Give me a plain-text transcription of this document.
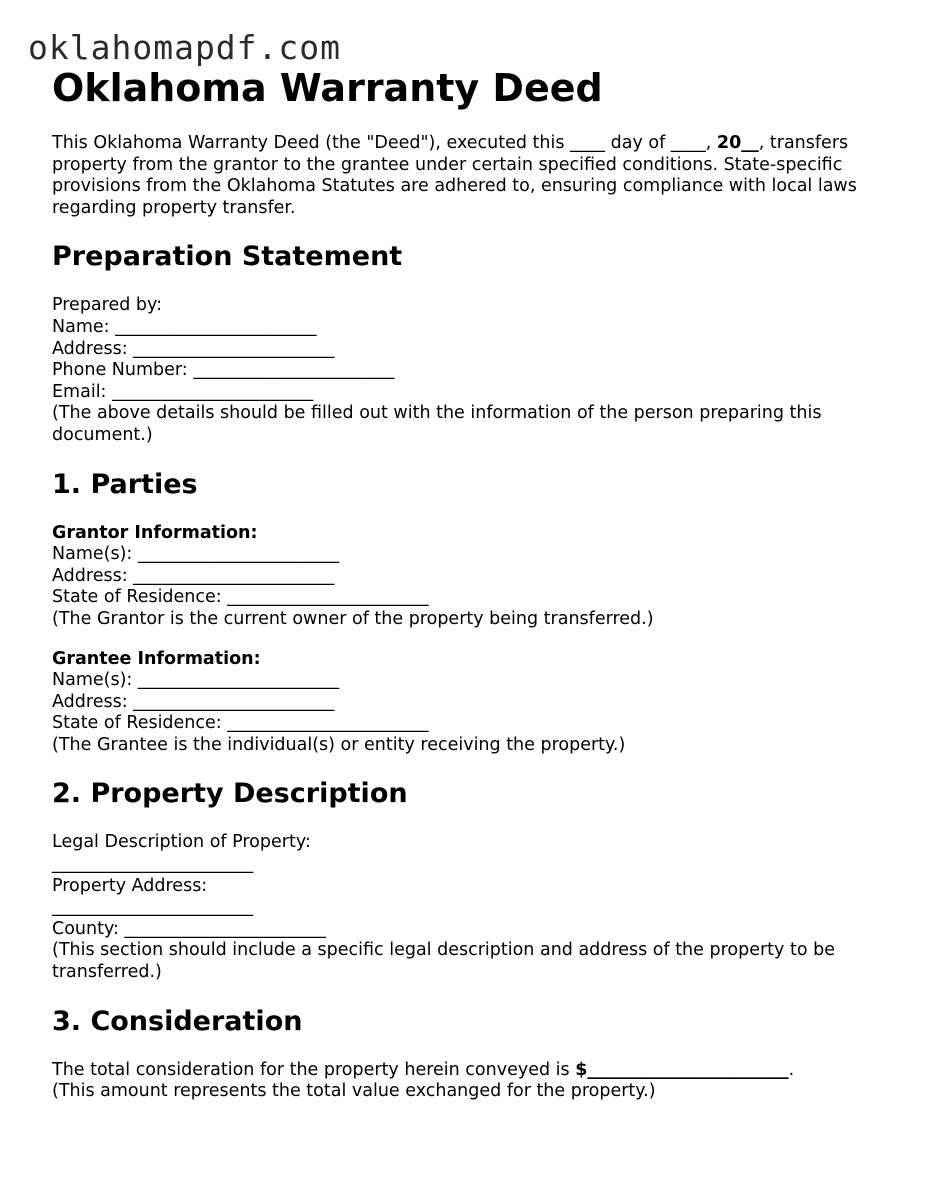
oklahomapdf.com
Oklahoma Warranty Deed

This Oklahoma Warranty Deed (the "Deed"), executed this ____ day of ____, 20__, transfers property from the grantor to the grantee under certain specified conditions. State-specific provisions from the Oklahoma Statutes are adhered to, ensuring compliance with local laws regarding property transfer.

Preparation Statement

Prepared by:
Name: _______________________
Address: _______________________
Phone Number: _______________________
Email: _______________________
(The above details should be filled out with the information of the person preparing this document.)

1. Parties

Grantor Information:
Name(s): _______________________
Address: _______________________
State of Residence: _______________________
(The Grantor is the current owner of the property being transferred.)

Grantee Information:
Name(s): _______________________
Address: _______________________
State of Residence: _______________________
(The Grantee is the individual(s) or entity receiving the property.)

2. Property Description

Legal Description of Property:
_______________________
Property Address:
_______________________
County: _______________________
(This section should include a specific legal description and address of the property to be transferred.)

3. Consideration

The total consideration for the property herein conveyed is $_______________________.
(This amount represents the total value exchanged for the property.)
